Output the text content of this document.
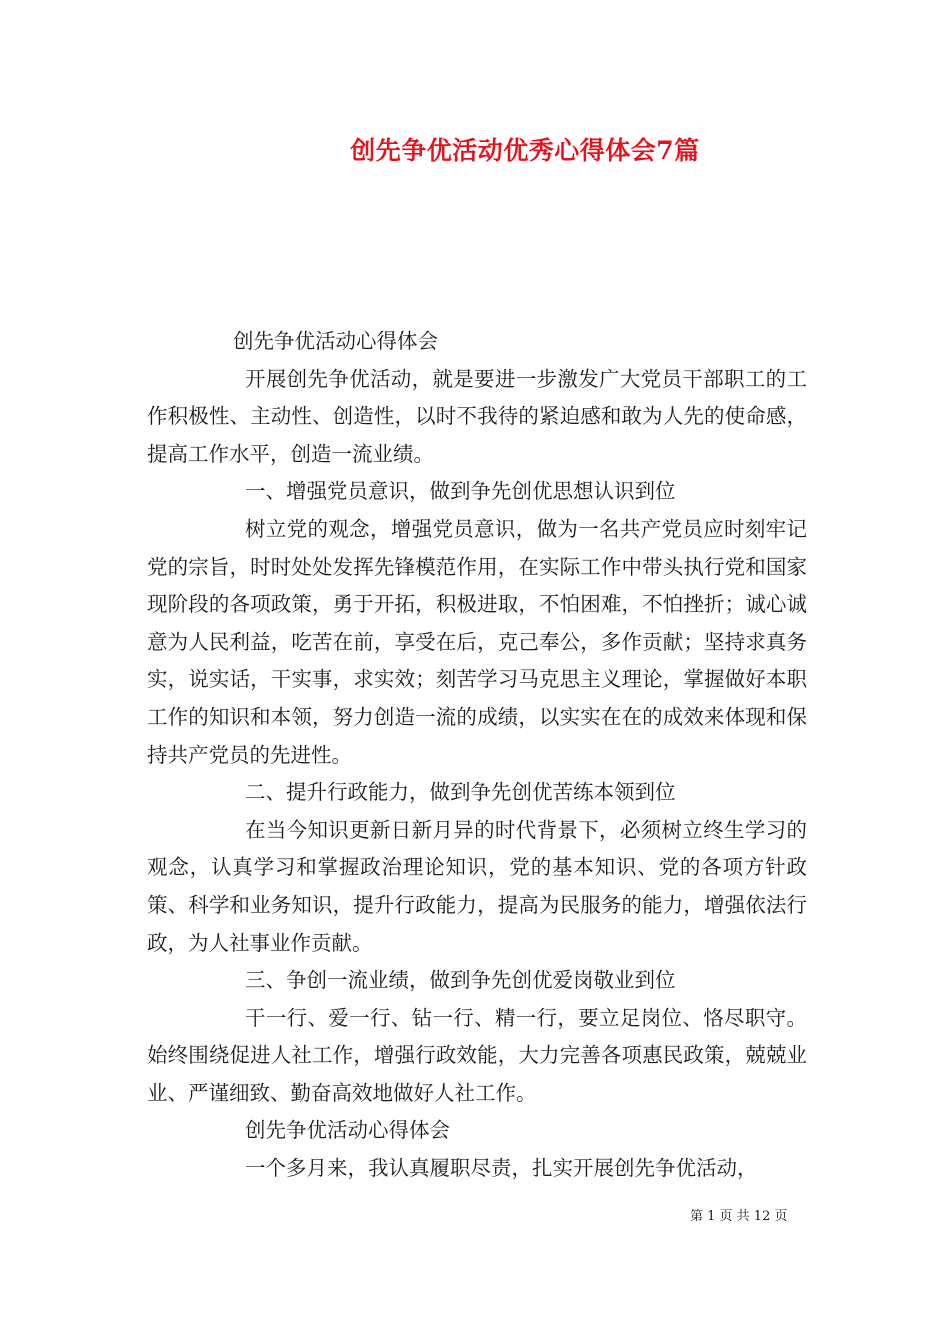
创先争优活动优秀心得体会7篇

创先争优活动心得体会

开展创先争优活动，就是要进一步激发广大党员干部职工的工作积极性、主动性、创造性，以时不我待的紧迫感和敢为人先的使命感，提高工作水平，创造一流业绩。

一、增强党员意识，做到争先创优思想认识到位

树立党的观念，增强党员意识，做为一名共产党员应时刻牢记党的宗旨，时时处处发挥先锋模范作用，在实际工作中带头执行党和国家现阶段的各项政策，勇于开拓，积极进取，不怕困难，不怕挫折；诚心诚意为人民利益，吃苦在前，享受在后，克己奉公，多作贡献；坚持求真务实，说实话，干实事，求实效；刻苦学习马克思主义理论，掌握做好本职工作的知识和本领，努力创造一流的成绩，以实实在在的成效来体现和保持共产党员的先进性。

二、提升行政能力，做到争先创优苦练本领到位

在当今知识更新日新月异的时代背景下，必须树立终生学习的观念，认真学习和掌握政治理论知识，党的基本知识、党的各项方针政策、科学和业务知识，提升行政能力，提高为民服务的能力，增强依法行政，为人社事业作贡献。

三、争创一流业绩，做到争先创优爱岗敬业到位

干一行、爱一行、钻一行、精一行，要立足岗位、恪尽职守。始终围绕促进人社工作，增强行政效能，大力完善各项惠民政策，兢兢业业、严谨细致、勤奋高效地做好人社工作。

创先争优活动心得体会

一个多月来，我认真履职尽责，扎实开展创先争优活动，

第 1 页 共 12 页
